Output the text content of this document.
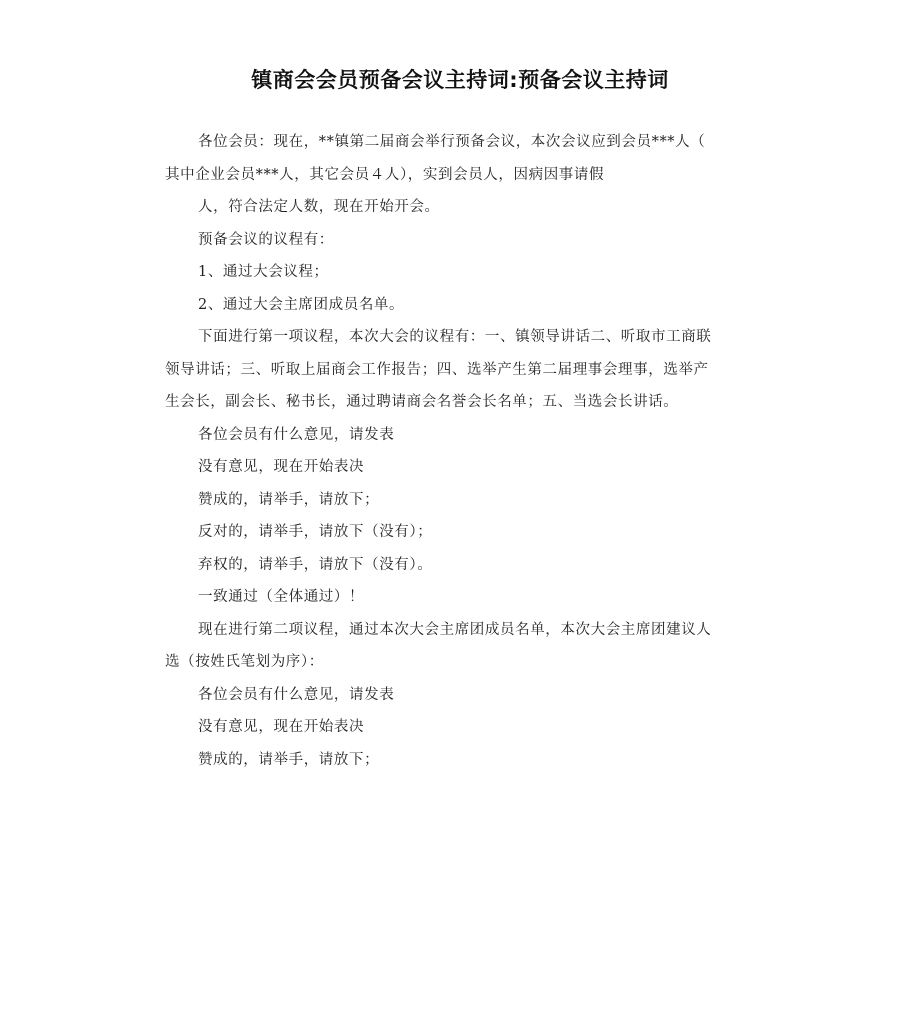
镇商会会员预备会议主持词:预备会议主持词

各位会员：现在，**镇第二届商会举行预备会议，本次会议应到会员***人（

其中企业会员***人，其它会员４人），实到会员人，因病因事请假

人，符合法定人数，现在开始开会。

预备会议的议程有：

1、通过大会议程；

2、通过大会主席团成员名单。

下面进行第一项议程，本次大会的议程有：一、镇领导讲话二、听取市工商联

领导讲话；三、听取上届商会工作报告；四、选举产生第二届理事会理事，选举产

生会长，副会长、秘书长，通过聘请商会名誉会长名单；五、当选会长讲话。

各位会员有什么意见，请发表

没有意见，现在开始表决

赞成的，请举手，请放下；

反对的，请举手，请放下（没有）；

弃权的，请举手，请放下（没有）。

一致通过（全体通过）！

现在进行第二项议程，通过本次大会主席团成员名单，本次大会主席团建议人

选（按姓氏笔划为序）：

各位会员有什么意见，请发表

没有意见，现在开始表决

赞成的，请举手，请放下；
